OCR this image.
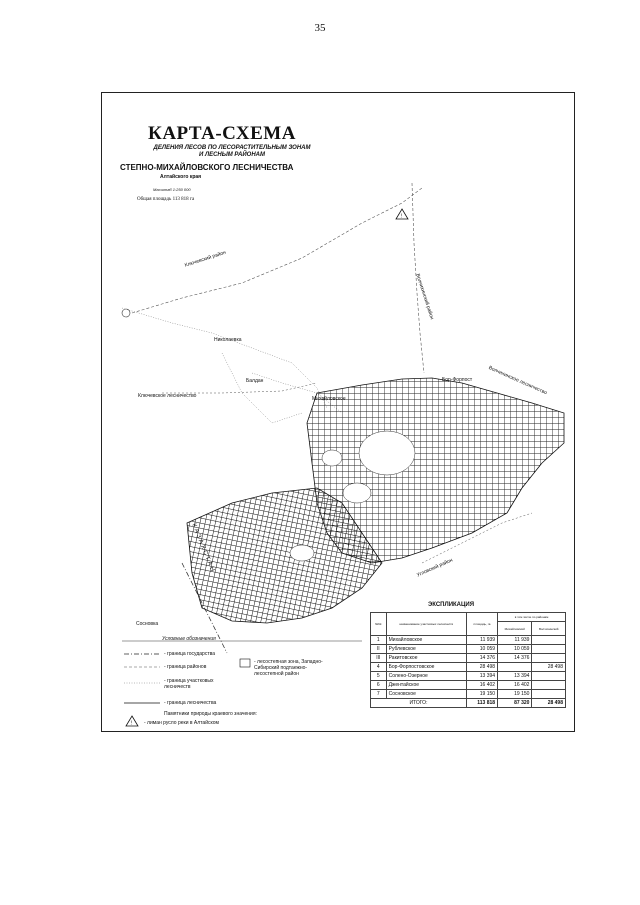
35
!
!
КАРТА-СХЕМА
ДЕЛЕНИЯ ЛЕСОВ ПО ЛЕСОРАСТИТЕЛЬНЫМ ЗОНАМ
И ЛЕСНЫМ РАЙОНАМ
СТЕПНО-МИХАЙЛОВСКОГО ЛЕСНИЧЕСТВА
Алтайского края
Масштаб 1:250 000
Общая площадь 113 818 га
Ключевский район
Волчихинский район
Ключевское лесничество
Бор-Форпост	Волчихинское лесничество
Угловский район
КАЗАХСТАН
Михайловское
Николаевка
Балдан
Сосновка
Условные обозначения
- граница государства
- граница районов
- граница участковых лесничеств
- граница лесничества
- лесостепная зона, Западно-Сибирский подтаежно-лесостепной район
Памятники природы краевого значения:
- лиман русло реки в Алтайском
ЭКСПЛИКАЦИЯ
№№	наименование участковых лесничеств	площадь, га	в том числе по районам	
			Михайловский	Волчихинский
1	Михайловское	11 939	11 939	
II	Рублевское	10 059	10 059	
III	Ракитовское	14 376	14 376	
4	Бор-Форпостовское	28 498		28 498
5	Солено-Озерное	13 394	13 394	
6	Джентайское	16 402	16 402	
7	Сосновское	19 150	19 150	
ИТОГО:		113 818	87 320	28 498
